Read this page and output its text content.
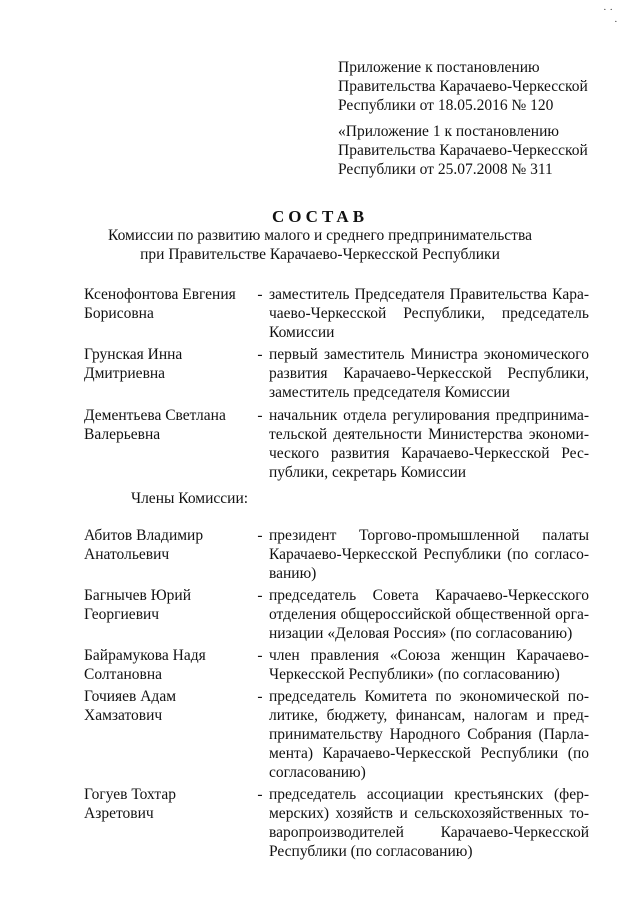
· ·
·
Приложение к постановлению
Правительства Карачаево-Черкесской
Республики от 18.05.2016 № 120
«Приложение 1 к постановлению
Правительства Карачаево-Черкесской
Республики от 25.07.2008 № 311
СОСТАВ
Комиссии по развитию малого и среднего предпринимательства
при Правительстве Карачаево-Черкесской Республики
Ксенофонтова Евгения
Борисовна
- заместитель Председателя Правительства Кара-
чаево-Черкесской Республики, председатель
Комиссии
Грунская Инна
Дмитриевна
- первый заместитель Министра экономического
развития Карачаево-Черкесской Республики,
заместитель председателя Комиссии
Дементьева Светлана
Валерьевна
- начальник отдела регулирования предпринима-
тельской деятельности Министерства экономи-
ческого развития Карачаево-Черкесской Рес-
публики, секретарь Комиссии
Члены Комиссии:
Абитов Владимир
Анатольевич
- президент Торгово-промышленной палаты
Карачаево-Черкесской Республики (по согласо-
ванию)
Багнычев Юрий
Георгиевич
- председатель Совета Карачаево-Черкесского
отделения общероссийской общественной орга-
низации «Деловая Россия» (по согласованию)
Байрамукова Надя
Солтановна
- член правления «Союза женщин Карачаево-
Черкесской Республики» (по согласованию)
Гочияев Адам
Хамзатович
- председатель Комитета по экономической по-
литике, бюджету, финансам, налогам и пред-
принимательству Народного Собрания (Парла-
мента) Карачаево-Черкесской Республики (по
согласованию)
Гогуев Тохтар
Азретович
- председатель ассоциации крестьянских (фер-
мерских) хозяйств и сельскохозяйственных то-
варопроизводителей Карачаево-Черкесской
Республики (по согласованию)
